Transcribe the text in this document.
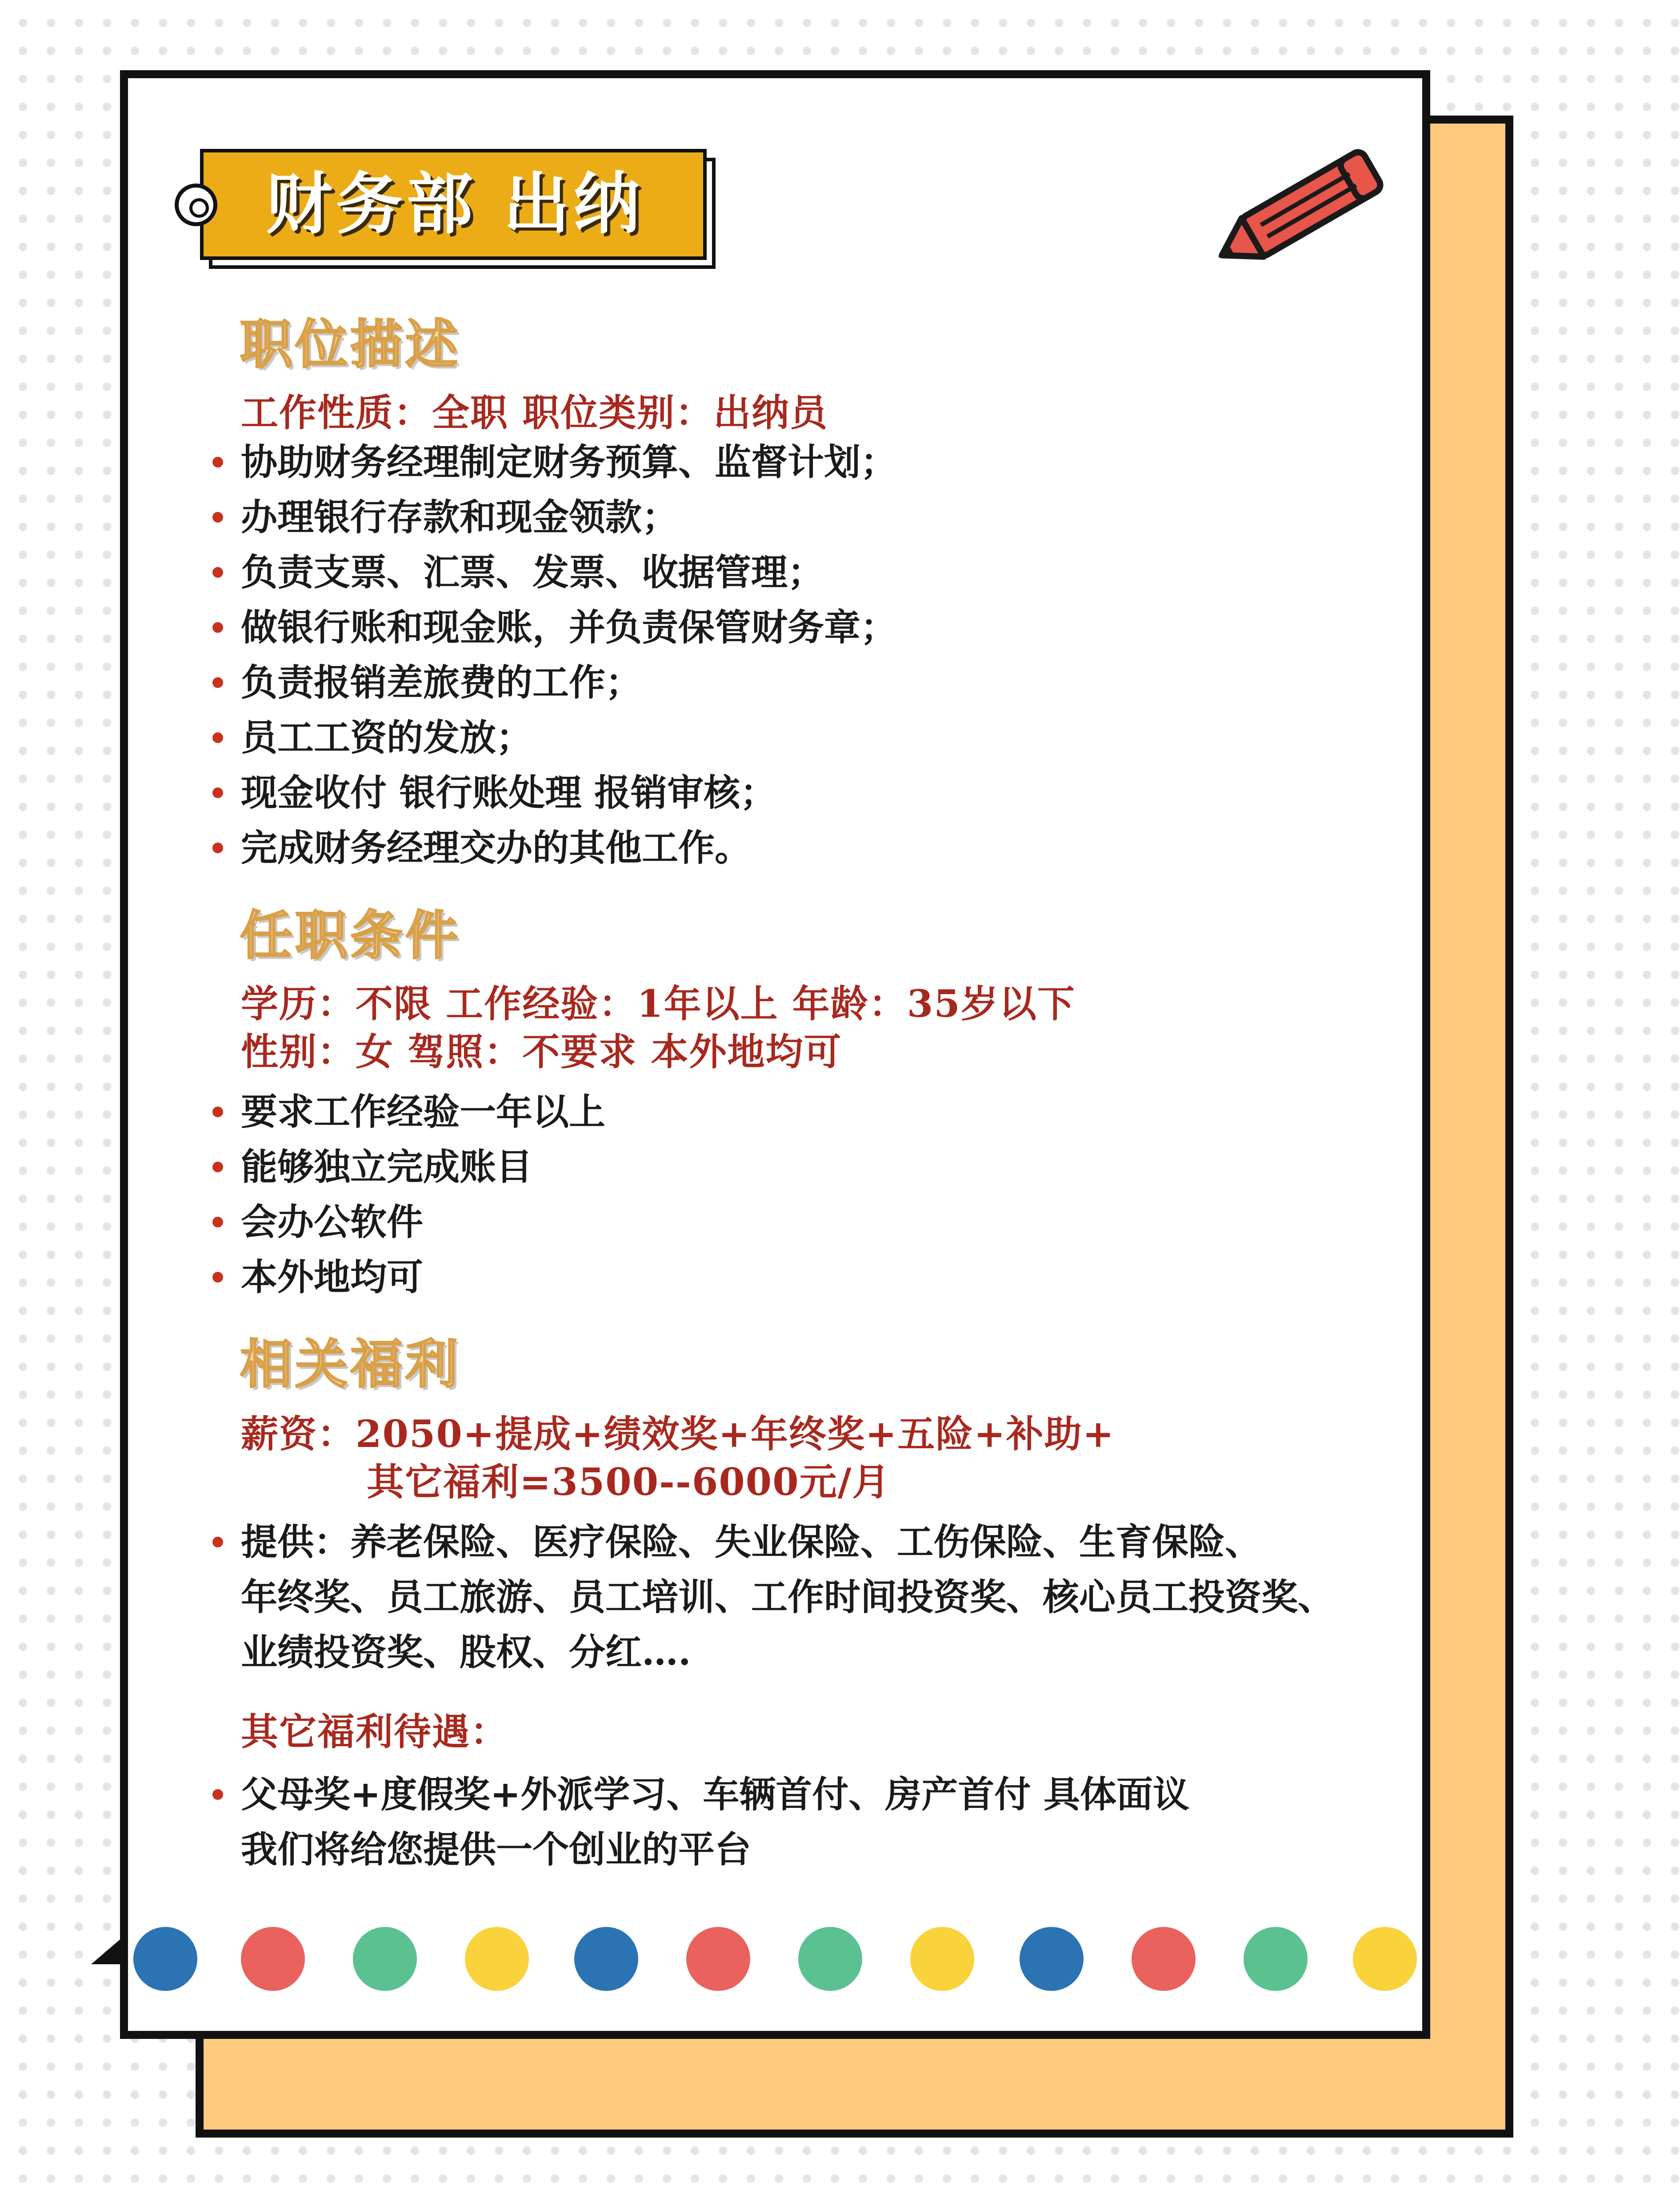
财务部 出纳
职位描述
工作性质：全职 职位类别：出纳员
协助财务经理制定财务预算、监督计划；
办理银行存款和现金领款；
负责支票、汇票、发票、收据管理；
做银行账和现金账，并负责保管财务章；
负责报销差旅费的工作；
员工工资的发放；
现金收付 银行账处理 报销审核；
完成财务经理交办的其他工作。
任职条件
学历：不限 工作经验：1年以上 年龄：35岁以下
性别：女 驾照：不要求 本外地均可
要求工作经验一年以上
能够独立完成账目
会办公软件
本外地均可
相关福利
薪资：2050+提成+绩效奖+年终奖+五险+补助+
其它福利=3500--6000元/月
提供：养老保险、医疗保险、失业保险、工伤保险、生育保险、
年终奖、员工旅游、员工培训、工作时间投资奖、核心员工投资奖、
业绩投资奖、股权、分红….
其它福利待遇：
父母奖+度假奖+外派学习、车辆首付、房产首付 具体面议
我们将给您提供一个创业的平台
